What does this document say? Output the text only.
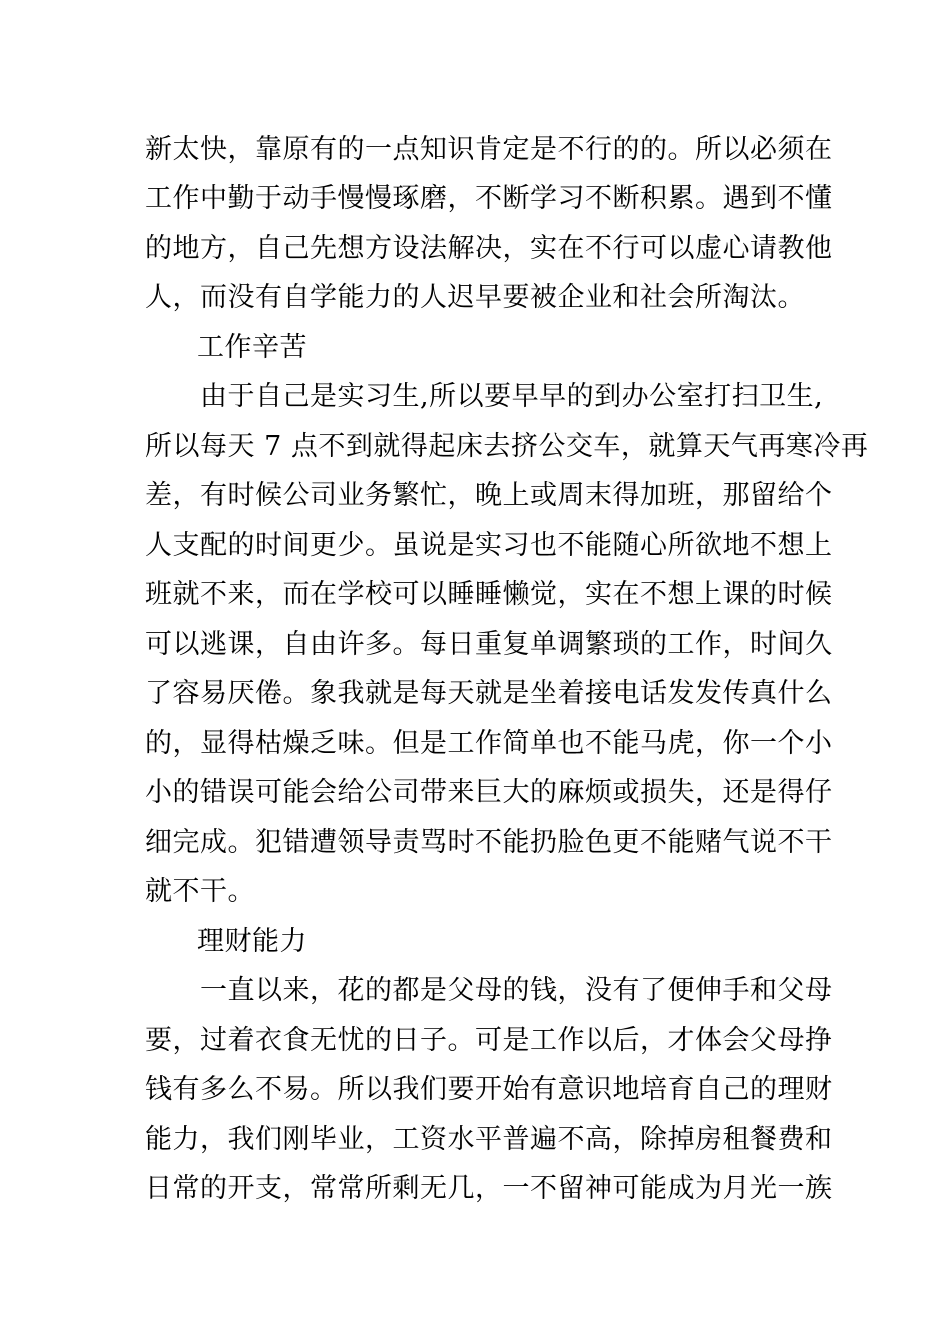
新太快，靠原有的一点知识肯定是不行的的。所以必须在
工作中勤于动手慢慢琢磨，不断学习不断积累。遇到不懂
的地方，自己先想方设法解决，实在不行可以虚心请教他
人，而没有自学能力的人迟早要被企业和社会所淘汰。
工作辛苦
由于自己是实习生,所以要早早的到办公室打扫卫生,
所以每天 7 点不到就得起床去挤公交车，就算天气再寒冷再
差，有时候公司业务繁忙，晚上或周末得加班，那留给个
人支配的时间更少。虽说是实习也不能随心所欲地不想上
班就不来，而在学校可以睡睡懒觉，实在不想上课的时候
可以逃课，自由许多。每日重复单调繁琐的工作，时间久
了容易厌倦。象我就是每天就是坐着接电话发发传真什么
的，显得枯燥乏味。但是工作简单也不能马虎，你一个小
小的错误可能会给公司带来巨大的麻烦或损失，还是得仔
细完成。犯错遭领导责骂时不能扔脸色更不能赌气说不干
就不干。
理财能力
一直以来，花的都是父母的钱，没有了便伸手和父母
要，过着衣食无忧的日子。可是工作以后，才体会父母挣
钱有多么不易。所以我们要开始有意识地培育自己的理财
能力，我们刚毕业，工资水平普遍不高，除掉房租餐费和
日常的开支，常常所剩无几，一不留神可能成为月光一族
